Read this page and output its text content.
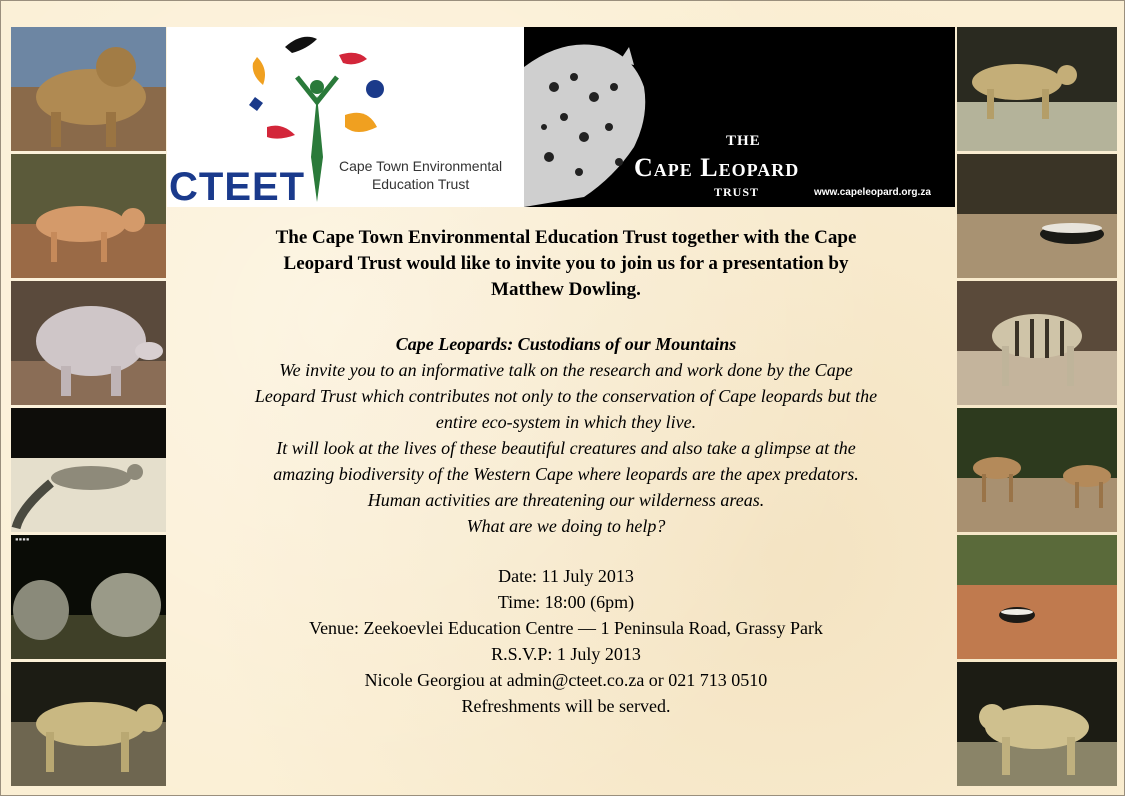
▪▪▪▪
CTEET Cape Town Environmental
Education Trust
THE
Cape Leopard
TRUST	www.capeleopard.org.za

The Cape Town Environmental Education Trust together with the Cape
Leopard Trust would like to invite you to join us for a presentation by
Matthew Dowling.

Cape Leopards: Custodians of our Mountains

We invite you to an informative talk on the research and work done by the Cape
Leopard Trust which contributes not only to the conservation of Cape leopards but the
entire eco-system in which they live.
It will look at the lives of these beautiful creatures and also take a glimpse at the
amazing biodiversity of the Western Cape where leopards are the apex predators.
Human activities are threatening our wilderness areas.
What are we doing to help?

Date: 11 July 2013
Time: 18:00 (6pm)
Venue: Zeekoevlei Education Centre — 1 Peninsula Road, Grassy Park
R.S.V.P: 1 July 2013
Nicole Georgiou at admin@cteet.co.za or 021 713 0510
Refreshments will be served.
